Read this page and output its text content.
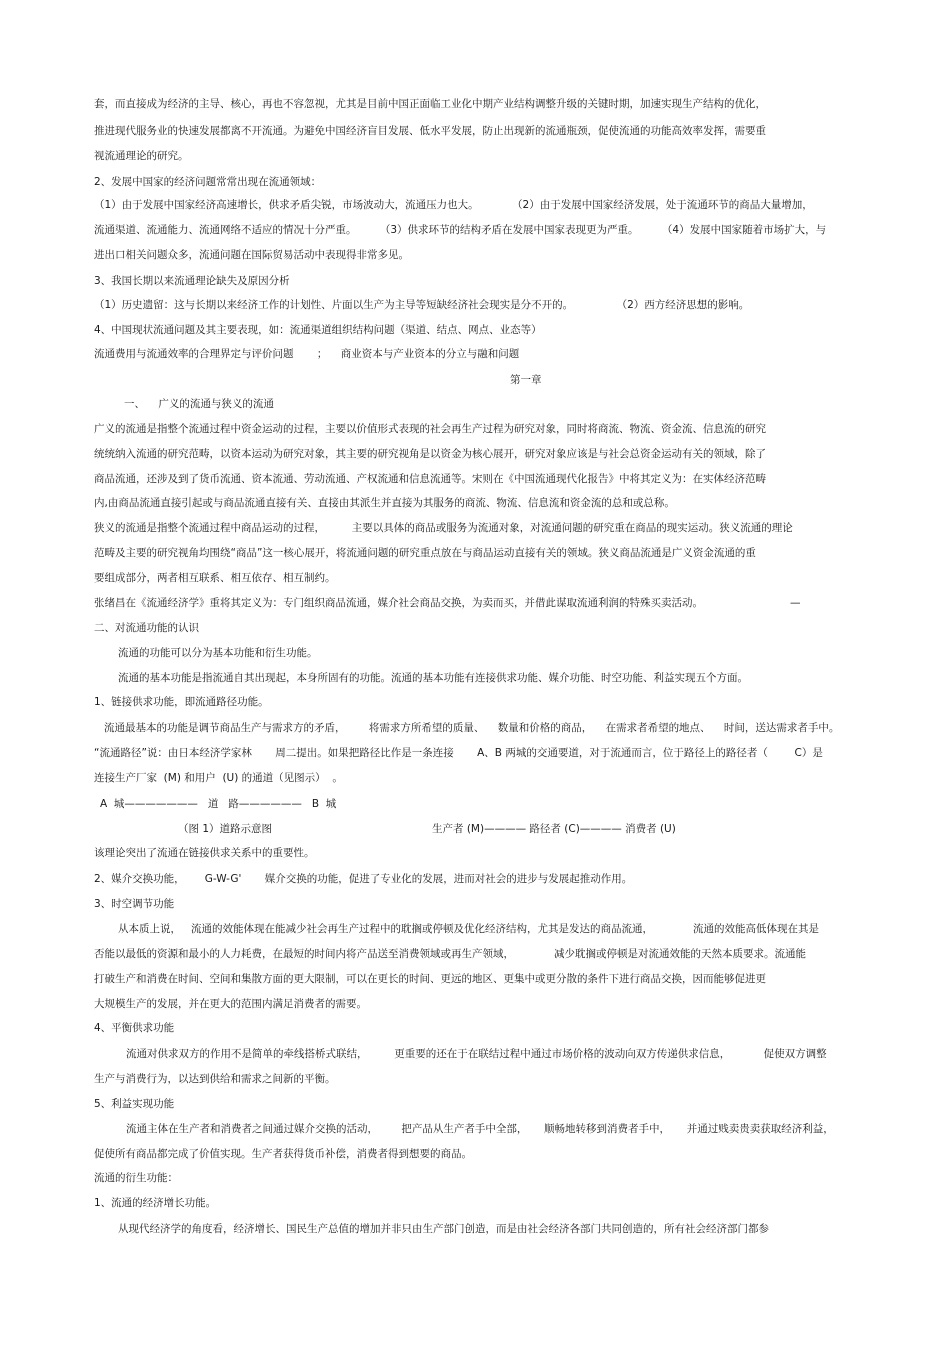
套，而直接成为经济的主导、核心，再也不容忽视，尤其是目前中国正面临工业化中期产业结构调整升级的关键时期，加速实现生产结构的优化，
推进现代服务业的快速发展都离不开流通。为避免中国经济盲目发展、低水平发展，防止出现新的流通瓶颈，促使流通的功能高效率发挥，需要重
视流通理论的研究。
2、发展中国家的经济问题常常出现在流通领域：
（1）由于发展中国家经济高速增长，供求矛盾尖锐，市场波动大，流通压力也大。          （2）由于发展中国家经济发展，处于流通环节的商品大量增加，
流通渠道、流通能力、流通网络不适应的情况十分严重。       （3）供求环节的结构矛盾在发展中国家表现更为严重。       （4）发展中国家随着市场扩大，与
进出口相关问题众多，流通问题在国际贸易活动中表现得非常多见。
3、我国长期以来流通理论缺失及原因分析
（1）历史遗留：这与长期以来经济工作的计划性、片面以生产为主导等短缺经济社会现实是分不开的。             （2）西方经济思想的影响。
4、中国现状流通问题及其主要表现，如：流通渠道组织结构问题（渠道、结点、网点、业态等）
流通费用与流通效率的合理界定与评价问题       ；    商业资本与产业资本的分立与融和问题
第一章
一、    广义的流通与狭义的流通
广义的流通是指整个流通过程中资金运动的过程，主要以价值形式表现的社会再生产过程为研究对象，同时将商流、物流、资金流、信息流的研究
统统纳入流通的研究范畴，以资本运动为研究对象，其主要的研究视角是以资金为核心展开，研究对象应该是与社会总资金运动有关的领域，除了
商品流通，还涉及到了货币流通、资本流通、劳动流通、产权流通和信息流通等。宋则在《中国流通现代化报告》中将其定义为：在实体经济范畴
内,由商品流通直接引起或与商品流通直接有关、直接由其派生并直接为其服务的商流、物流、信息流和资金流的总和或总称。
狭义的流通是指整个流通过程中商品运动的过程，        主要以具体的商品或服务为流通对象，对流通问题的研究重在商品的现实运动。狭义流通的理论
范畴及主要的研究视角均围绕“商品”这一核心展开，将流通问题的研究重点放在与商品运动直接有关的领域。狭义商品流通是广义资金流通的重
要组成部分，两者相互联系、相互依存、相互制约。
张绪昌在《流通经济学》重将其定义为：专门组织商品流通，媒介社会商品交换，为卖而买，并借此谋取流通利润的特殊买卖活动。	—
二、对流通功能的认识
流通的功能可以分为基本功能和衍生功能。
流通的基本功能是指流通自其出现起，本身所固有的功能。流通的基本功能有连接供求功能、媒介功能、时空功能、利益实现五个方面。
1、链接供求功能，即流通路径功能。
流通最基本的功能是调节商品生产与需求方的矛盾，       将需求方所希望的质量、    数量和价格的商品，    在需求者希望的地点、    时间，送达需求者手中。
“流通路径”说：由日本经济学家林       周二提出。如果把路径比作是一条连接       A、B 两城的交通要道，对于流通而言，位于路径上的路径者（        C）是
连接生产厂家  (M) 和用户  (U) 的通道（见图示）  。
A  城———————   道   路——————   B  城
（图 1）道路示意图	生产者 (M)———— 路径者 (C)———— 消费者 (U)
该理论突出了流通在链接供求关系中的重要性。
2、媒介交换功能，      G-W-G'       媒介交换的功能，促进了专业化的发展，进而对社会的进步与发展起推动作用。
3、时空调节功能
从本质上说，   流通的效能体现在能减少社会再生产过程中的耽搁或停顿及优化经济结构，尤其是发达的商品流通，            流通的效能高低体现在其是
否能以最低的资源和最小的人力耗费，在最短的时间内将产品送至消费领域或再生产领域，            减少耽搁或停顿是对流通效能的天然本质要求。流通能
打破生产和消费在时间、空间和集散方面的更大限制，可以在更长的时间、更远的地区、更集中或更分散的条件下进行商品交换，因而能够促进更
大规模生产的发展，并在更大的范围内满足消费者的需要。
4、平衡供求功能
流通对供求双方的作用不是简单的牵线搭桥式联结，        更重要的还在于在联结过程中通过市场价格的波动向双方传递供求信息，          促使双方调整
生产与消费行为，以达到供给和需求之间新的平衡。
5、利益实现功能
流通主体在生产者和消费者之间通过媒介交换的活动，       把产品从生产者手中全部，     顺畅地转移到消费者手中，     并通过贱卖贵卖获取经济利益，
促使所有商品都完成了价值实现。生产者获得货币补偿，消费者得到想要的商品。
流通的衍生功能：
1、流通的经济增长功能。
从现代经济学的角度看，经济增长、国民生产总值的增加并非只由生产部门创造，而是由社会经济各部门共同创造的，所有社会经济部门都参
